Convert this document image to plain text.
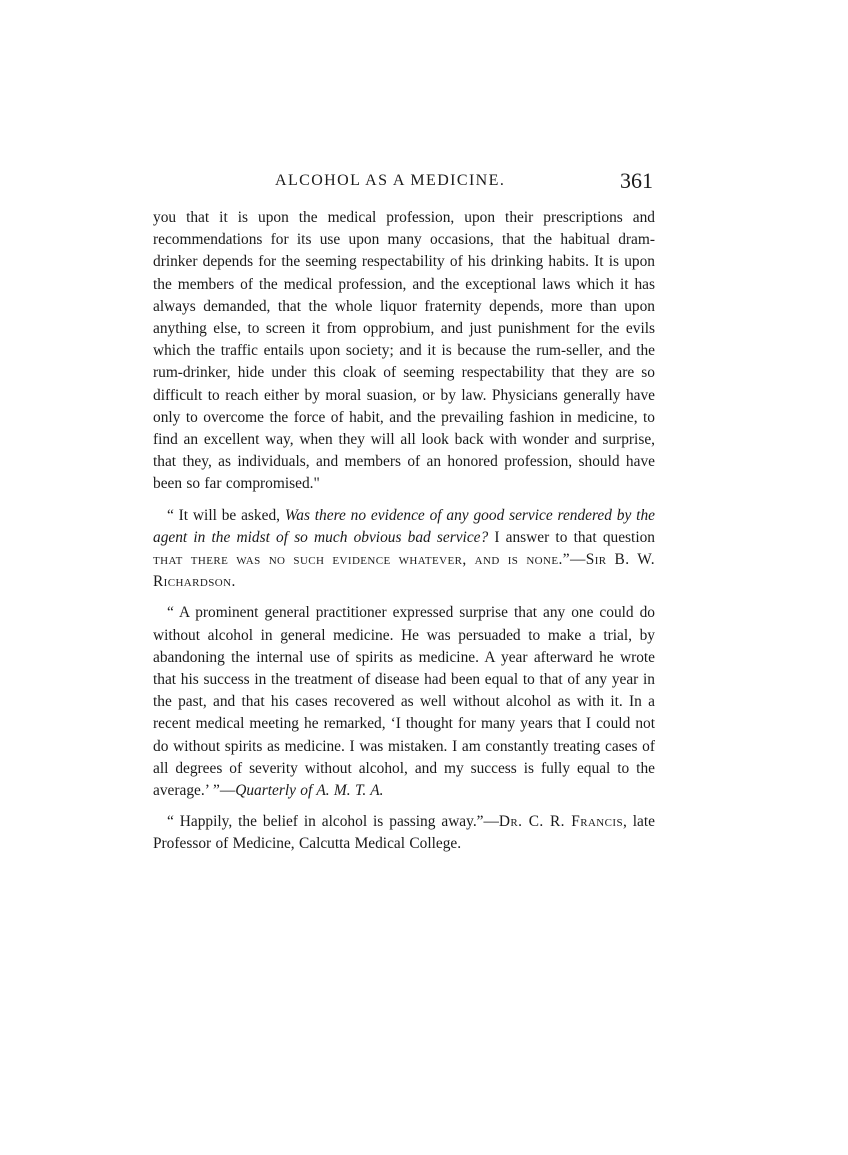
ALCOHOL AS A MEDICINE.	361

you that it is upon the medical profession, upon their prescriptions and recommendations for its use upon many occasions, that the habitual dram-drinker depends for the seeming respectability of his drinking habits. It is upon the members of the medical profession, and the exceptional laws which it has always demanded, that the whole liquor fraternity depends, more than upon anything else, to screen it from opprobium, and just punishment for the evils which the traffic entails upon society; and it is because the rum-seller, and the rum-drinker, hide under this cloak of seeming respectability that they are so difficult to reach either by moral suasion, or by law. Physicians generally have only to overcome the force of habit, and the prevailing fashion in medicine, to find an excellent way, when they will all look back with wonder and surprise, that they, as individuals, and members of an honored profession, should have been so far compromised."

“ It will be asked, Was there no evidence of any good service rendered by the agent in the midst of so much obvious bad service? I answer to that question that there was no such evidence whatever, and is none.”—Sir B. W. Richardson.

“ A prominent general practitioner expressed surprise that any one could do without alcohol in general medicine. He was persuaded to make a trial, by abandoning the internal use of spirits as medicine. A year afterward he wrote that his success in the treatment of disease had been equal to that of any year in the past, and that his cases recovered as well without alcohol as with it. In a recent medical meeting he remarked, ‘I thought for many years that I could not do without spirits as medicine. I was mistaken. I am constantly treating cases of all degrees of severity without alcohol, and my success is fully equal to the average.’ ”—Quarterly of A. M. T. A.

“ Happily, the belief in alcohol is passing away.”—Dr. C. R. Francis, late Professor of Medicine, Calcutta Medical College.
